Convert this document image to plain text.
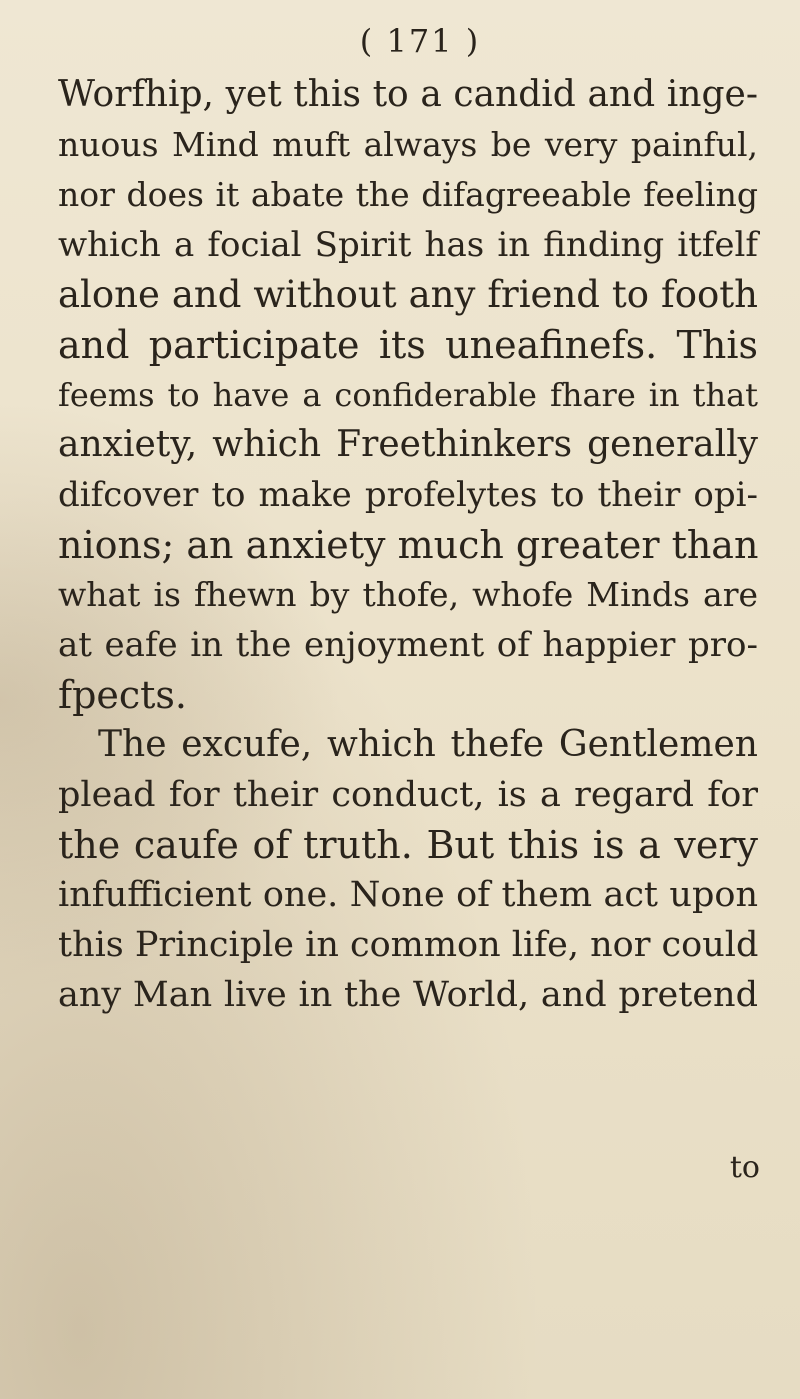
( 171 )
Worfhip, yet this to a candid and inge-
nuous Mind muft always be very painful,
nor does it abate the difagreeable feeling
which a focial Spirit has in finding itfelf
alone and without any friend to footh
and participate its uneafinefs. This
feems to have a confiderable fhare in that
anxiety, which Freethinkers generally
difcover to make profelytes to their opi-
nions; an anxiety much greater than
what is fhewn by thofe, whofe Minds are
at eafe in the enjoyment of happier pro-
fpects.
The excufe, which thefe Gentlemen
plead for their conduct, is a regard for
the caufe of truth. But this is a very
infufficient one. None of them act upon
this Principle in common life, nor could
any Man live in the World, and pretend
to
